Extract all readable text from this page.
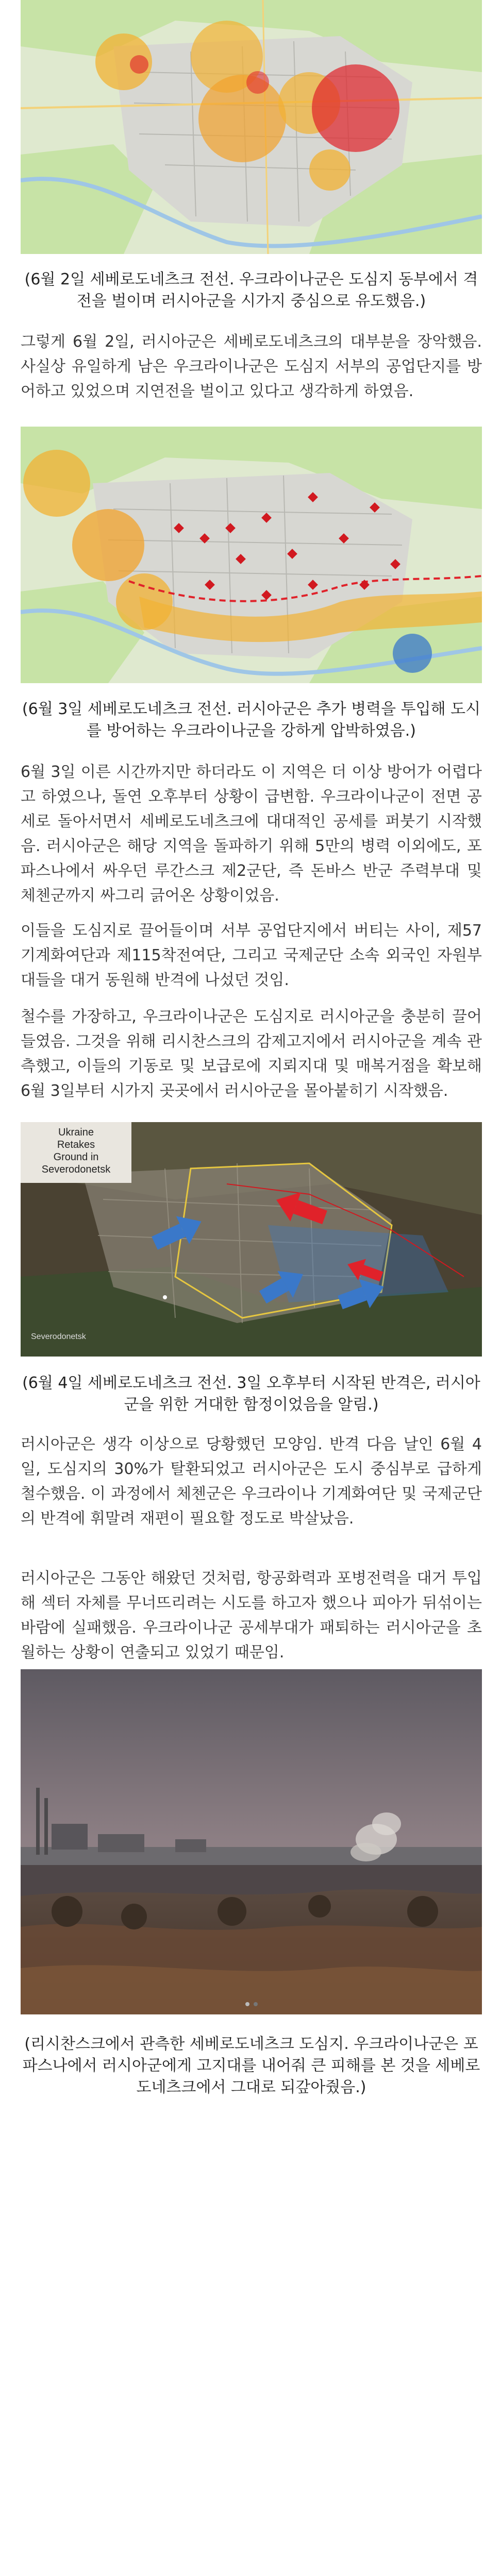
(6월 2일 세베로도네츠크 전선. 우크라이나군은 도심지 동부에서 격전을 벌이며 러시아군을 시가지 중심으로 유도했음.)
그렇게 6월 2일, 러시아군은 세베로도네츠크의 대부분을 장악했음. 사실상 유일하게 남은 우크라이나군은 도심지 서부의 공업단지를 방어하고 있었으며 지연전을 벌이고 있다고 생각하게 하였음.
(6월 3일 세베로도네츠크 전선. 러시아군은 추가 병력을 투입해 도시를 방어하는 우크라이나군을 강하게 압박하였음.)
6월 3일 이른 시간까지만 하더라도 이 지역은 더 이상 방어가 어렵다고 하였으나, 돌연 오후부터 상황이 급변함. 우크라이나군이 전면 공세로 돌아서면서 세베로도네츠크에 대대적인 공세를 퍼붓기 시작했음. 러시아군은 해당 지역을 돌파하기 위해 5만의 병력 이외에도, 포파스나에서 싸우던 루간스크 제2군단, 즉 돈바스 반군 주력부대 및 체첸군까지 싸그리 긁어온 상황이었음.
이들을 도심지로 끌어들이며 서부 공업단지에서 버티는 사이, 제57기계화여단과 제115착전여단, 그리고 국제군단 소속 외국인 자원부대들을 대거 동원해 반격에 나섰던 것임.
철수를 가장하고, 우크라이나군은 도심지로 러시아군을 충분히 끌어들였음. 그것을 위해 리시찬스크의 감제고지에서 러시아군을 계속 관측했고, 이들의 기동로 및 보급로에 지뢰지대 및 매복거점을 확보해 6월 3일부터 시가지 곳곳에서 러시아군을 몰아붙히기 시작했음.
Ukraine
Retakes
Ground in
Severodonetsk
Severodonetsk
(6월 4일 세베로도네츠크 전선. 3일 오후부터 시작된 반격은, 러시아군을 위한 거대한 함정이었음을 알림.)
러시아군은 생각 이상으로 당황했던 모양임. 반격 다음 날인 6월 4일, 도심지의 30%가 탈환되었고 러시아군은 도시 중심부로 급하게 철수했음. 이 과정에서 체첸군은 우크라이나 기계화여단 및 국제군단의 반격에 휘말려 재편이 필요할 정도로 박살났음.
러시아군은 그동안 해왔던 것처럼, 항공화력과 포병전력을 대거 투입해 섹터 자체를 무너뜨리려는 시도를 하고자 했으나 피아가 뒤섞이는 바람에 실패했음. 우크라이나군 공세부대가 패퇴하는 러시아군을 초월하는 상황이 연출되고 있었기 때문임.
(리시찬스크에서 관측한 세베로도네츠크 도심지. 우크라이나군은 포파스나에서 러시아군에게 고지대를 내어줘 큰 피해를 본 것을 세베로도네츠크에서 그대로 되갚아줬음.)
